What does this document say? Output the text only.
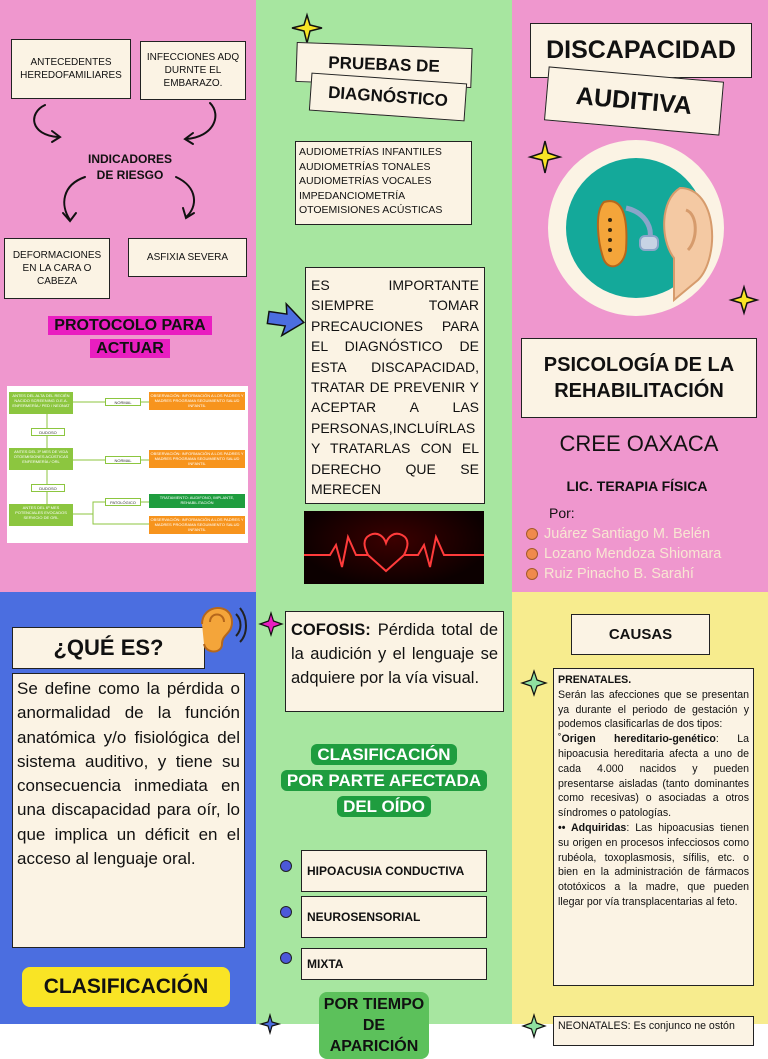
ANTECEDENTES HEREDOFAMILIARES
INFECCIONES ADQ DURNTE EL EMBARAZO.
INDICADORES DE RIESGO
DEFORMACIONES EN LA CARA O CABEZA
ASFIXIA SEVERA
PROTOCOLO PARA
ACTUAR
ANTES DEL ALTA DEL RECIÉN NACIDO SCREENING O.E.A. ENFERMERÍA / PED / NEONAT
DUDOSO
ANTES DEL 3º MES DE VIDA OTOEMISIONES ACÚSTICAS ENFERMERÍA / ORL
DUDOSO
ANTES DEL 6º MES POTENCIALES EVOCADOS SERVICIO DE ORL
NORMAL
NORMAL
PATOLÓGICO
OBSERVACIÓN: INFORMACIÓN A LOS PADRES Y MADRES PROGRAMA SEGUIMIENTO SALUD INFANTIL
OBSERVACIÓN: INFORMACIÓN A LOS PADRES Y MADRES PROGRAMA SEGUIMIENTO SALUD INFANTIL
TRATAMIENTO: AUDIFONO, IMPLANTE, REHABILITACIÓN
OBSERVACIÓN: INFORMACIÓN A LOS PADRES Y MADRES PROGRAMA SEGUIMIENTO SALUD INFANTIL
PRUEBAS DE
DIAGNÓSTICO
AUDIOMETRÍAS INFANTILES
AUDIOMETRÍAS TONALES
AUDIOMETRÍAS VOCALES
IMPEDANCIOMETRÍA
OTOEMISIONES ACÚSTICAS
ES IMPORTANTE SIEMPRE TOMAR PRECAUCIONES PARA EL DIAGNÓSTICO DE ESTA DISCAPACIDAD, TRATAR DE PREVENIR Y ACEPTAR A LAS PERSONAS,INCLUÍRLAS Y TRATARLAS CON EL DERECHO QUE SE MERECEN
DISCAPACIDAD
AUDITIVA
PSICOLOGÍA DE LA
REHABILITACIÓN
CREE OAXACA
LIC. TERAPIA FÍSICA
Por:
Juárez Santiago M. Belén
Lozano Mendoza Shiomara
Ruiz Pinacho B. Sarahí
¿QUÉ ES?
Se define como la pérdida o anormalidad de la función anatómica y/o fisiológica del sistema auditivo, y tiene su consecuencia inmediata en una discapacidad para oír, lo que implica un déficit en el acceso al lenguaje oral.
CLASIFICACIÓN
COFOSIS: Pérdida total de la audición y el lenguaje se adquiere por la vía visual.
CLASIFICACIÓN
POR PARTE AFECTADA
DEL OÍDO
HIPOACUSIA CONDUCTIVA
NEUROSENSORIAL
MIXTA
POR TIEMPO
DE APARICIÓN
CAUSAS
PRENATALES.
Serán las afecciones que se presentan ya durante el periodo de gestación y podemos clasificarlas de dos tipos:
˚Origen hereditario-genético: La hipoacusia hereditaria afecta a uno de cada 4.000 nacidos y pueden presentarse aisladas (tanto dominantes como recesivas) o asociadas a otros síndromes o patologías.
•• Adquiridas: Las hipoacusias tienen su origen en procesos infecciosos como rubéola, toxoplasmosis, sífilis, etc. o bien en la administración de fármacos ototóxicos a la madre, que pueden llegar por vía transplacentarias al feto.
NEONATALES: Es conjunco ne ostón
